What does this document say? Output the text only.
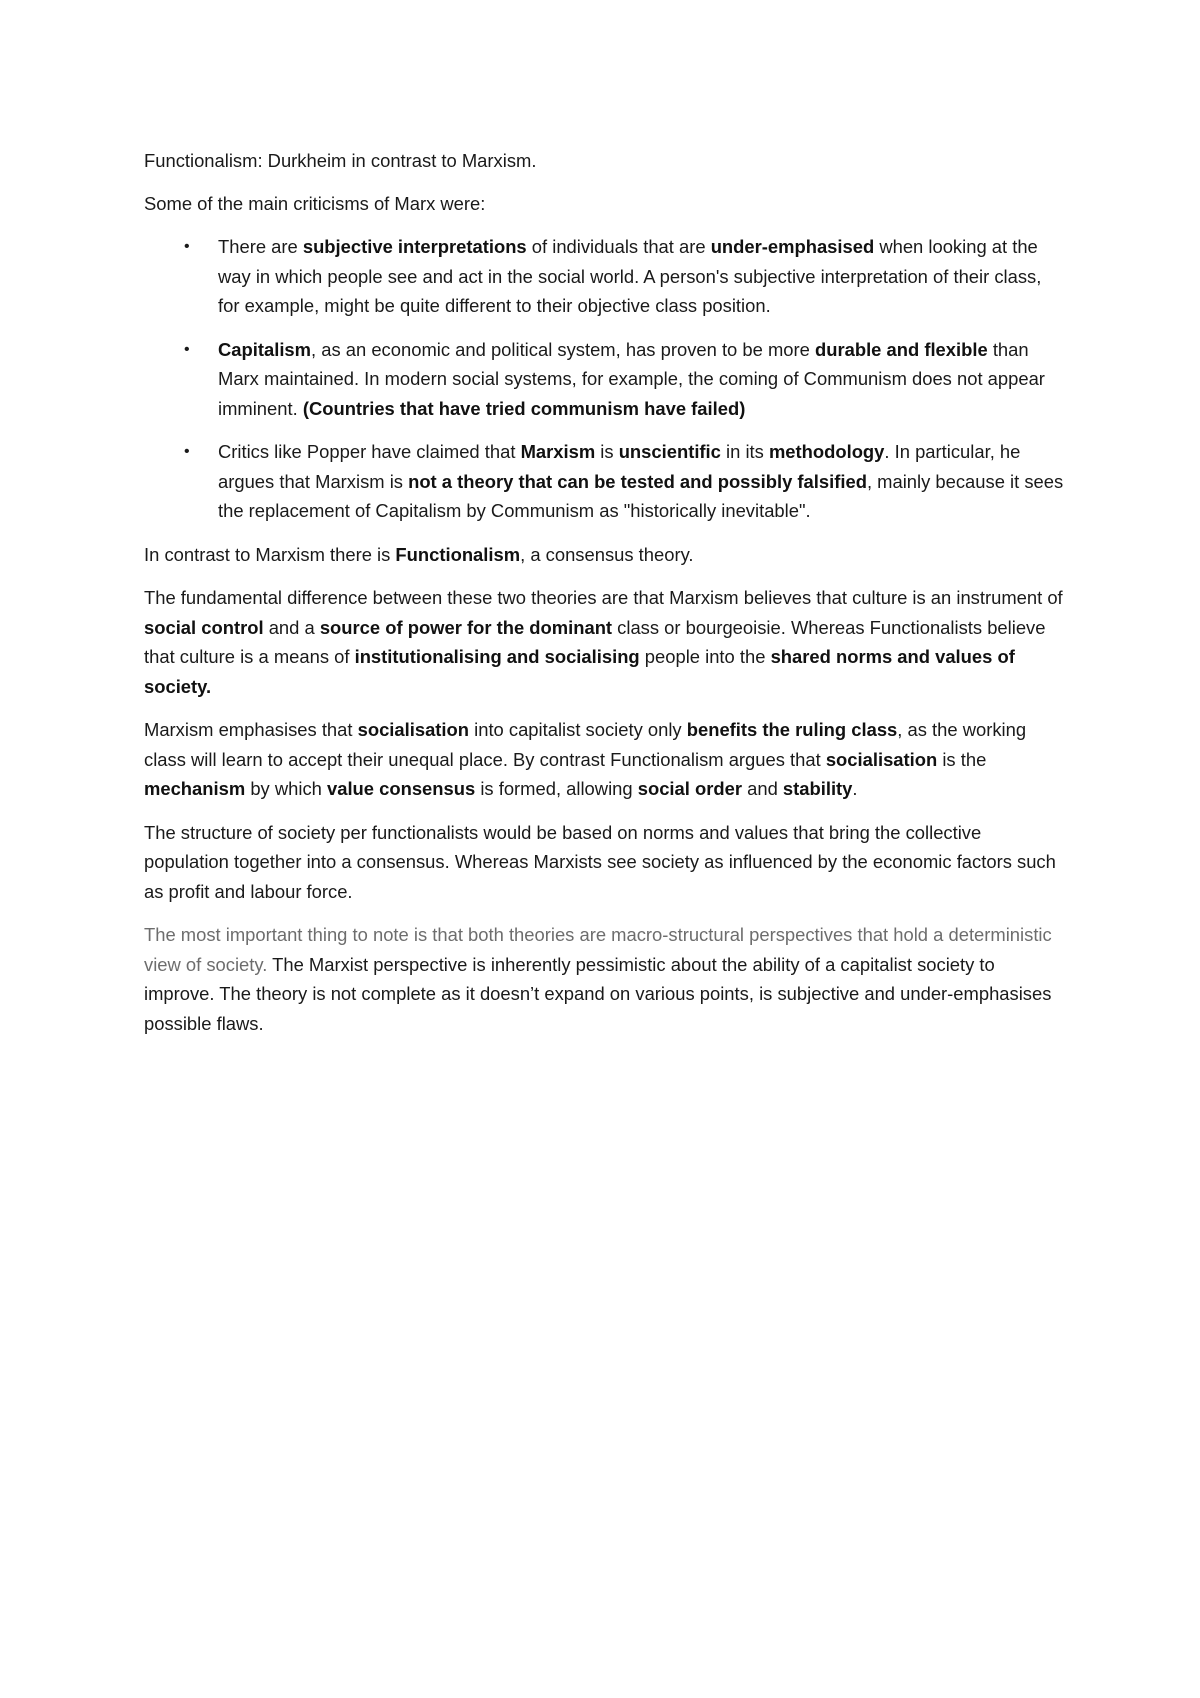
Functionalism: Durkheim in contrast to Marxism.

Some of the main criticisms of Marx were:

• There are subjective interpretations of individuals that are under-emphasised when looking at the way in which people see and act in the social world. A person's subjective interpretation of their class, for example, might be quite different to their objective class position.
• Capitalism, as an economic and political system, has proven to be more durable and flexible than Marx maintained. In modern social systems, for example, the coming of Communism does not appear imminent. (Countries that have tried communism have failed)
• Critics like Popper have claimed that Marxism is unscientific in its methodology. In particular, he argues that Marxism is not a theory that can be tested and possibly falsified, mainly because it sees the replacement of Capitalism by Communism as "historically inevitable".

In contrast to Marxism there is Functionalism, a consensus theory.

The fundamental difference between these two theories are that Marxism believes that culture is an instrument of social control and a source of power for the dominant class or bourgeoisie. Whereas Functionalists believe that culture is a means of institutionalising and socialising people into the shared norms and values of society.

Marxism emphasises that socialisation into capitalist society only benefits the ruling class, as the working class will learn to accept their unequal place. By contrast Functionalism argues that socialisation is the mechanism by which value consensus is formed, allowing social order and stability.

The structure of society per functionalists would be based on norms and values that bring the collective population together into a consensus. Whereas Marxists see society as influenced by the economic factors such as profit and labour force.

The most important thing to note is that both theories are macro-structural perspectives that hold a deterministic view of society. The Marxist perspective is inherently pessimistic about the ability of a capitalist society to improve. The theory is not complete as it doesn’t expand on various points, is subjective and under-emphasises possible flaws.
